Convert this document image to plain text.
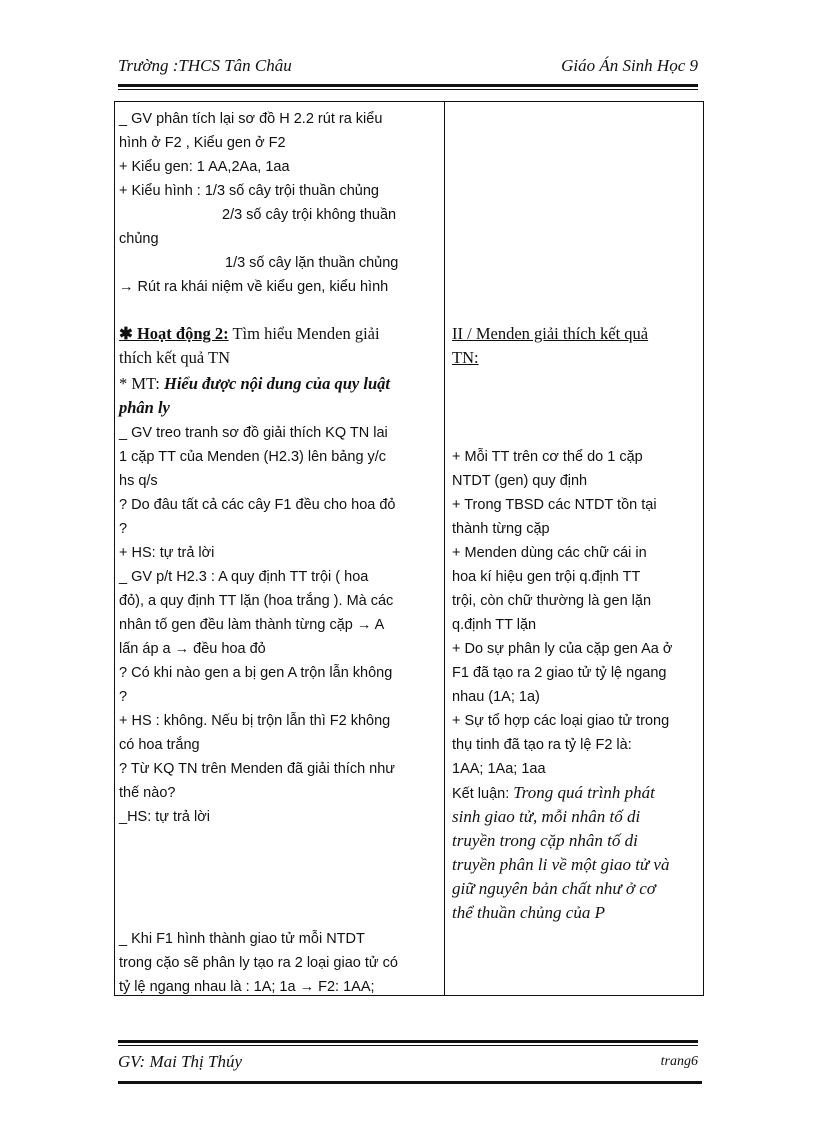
Trường :THCS Tân Châu	Giáo Án Sinh Học 9
_ GV phân tích lại sơ đồ H 2.2 rút ra kiểu
hình ở F2 , Kiểu gen ở F2
+ Kiểu gen: 1 AA,2Aa, 1aa
+ Kiểu hình : 1/3 số cây trội thuần chủng
2/3 số cây trội không thuần
chủng
1/3 số cây lặn thuần chủng
→ Rút ra khái niệm về kiểu gen, kiểu hình
✱ Hoạt động 2: Tìm hiểu Menden giải
thích kết quả TN
* MT: Hiểu được nội dung của quy luật
phân ly
_ GV treo tranh sơ đồ giải thích KQ TN lai
1 cặp TT của Menden (H2.3) lên bảng y/c
hs q/s
? Do đâu tất cả các cây F1 đều cho hoa đỏ
?
+ HS: tự trả lời
_ GV p/t H2.3 : A quy định TT trội ( hoa
đỏ), a quy định TT lặn (hoa trắng ). Mà các
nhân tố gen đều làm thành từng cặp → A
lấn áp a → đều hoa đỏ
? Có khi nào gen a bị gen A trộn lẫn không
?
+ HS : không. Nếu bị trộn lẫn thì F2 không
có hoa trắng
? Từ KQ TN trên Menden đã giải thích như
thế nào?
_HS: tự trả lời
_ Khi F1 hình thành giao tử mỗi NTDT
trong cặo sẽ phân ly tạo ra 2 loại giao tử có
tỷ lệ ngang nhau là : 1A; 1a → F2: 1AA;
II / Menden giải thích kết quả
TN:
+ Mỗi TT trên cơ thể do 1 cặp
NTDT (gen) quy định
+ Trong TBSD các NTDT tồn tại
thành từng cặp
+ Menden dùng các chữ cái in
hoa kí hiệu gen trội q.định TT
trội, còn chữ thường là gen lặn
q.định TT lặn
+ Do sự phân ly của cặp gen Aa ở
F1 đã tạo ra 2 giao tử tỷ lệ ngang
nhau (1A; 1a)
+ Sự tổ hợp các loại giao tử trong
thụ tinh đã tạo ra tỷ lệ F2 là:
1AA; 1Aa; 1aa
Kết luận: Trong quá trình phát
sinh giao tử, mỗi nhân tố di
truyền trong cặp nhân tố di
truyền phân li về một giao tử và
giữ nguyên bản chất như ở cơ
thể thuần chủng của P
GV: Mai Thị Thúy	trang6
